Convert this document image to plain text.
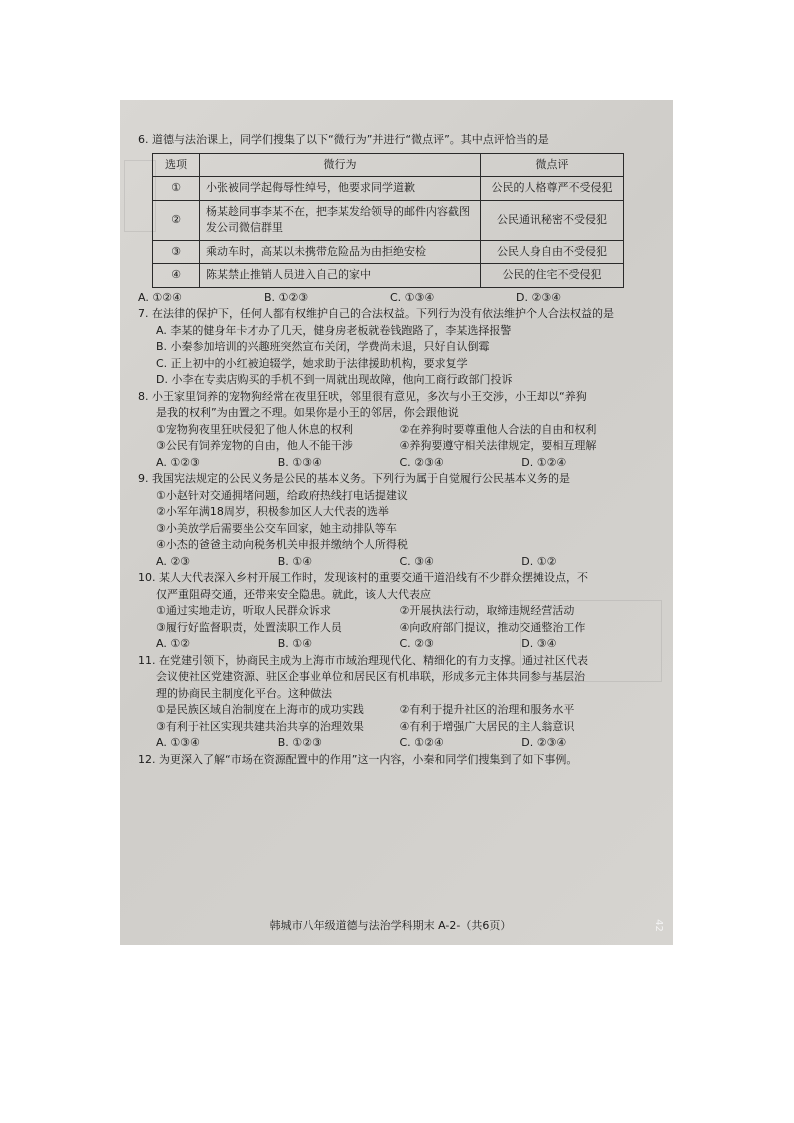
6. 道德与法治课上，同学们搜集了以下“微行为”并进行“微点评”。其中点评恰当的是
选项	微行为	微点评
①	小张被同学起侮辱性绰号，他要求同学道歉	公民的人格尊严不受侵犯
②	杨某趁同事李某不在，把李某发给领导的邮件内容截图发公司微信群里	公民通讯秘密不受侵犯
③	乘动车时，高某以未携带危险品为由拒绝安检	公民人身自由不受侵犯
④	陈某禁止推销人员进入自己的家中	公民的住宅不受侵犯
A. ①②④	B. ①②③	C. ①③④	D. ②③④
7. 在法律的保护下，任何人都有权维护自己的合法权益。下列行为没有依法维护个人合法权益的是
A. 李某的健身年卡才办了几天，健身房老板就卷钱跑路了，李某选择报警
B. 小秦参加培训的兴趣班突然宣布关闭，学费尚未退，只好自认倒霉
C. 正上初中的小红被迫辍学，她求助于法律援助机构，要求复学
D. 小李在专卖店购买的手机不到一周就出现故障，他向工商行政部门投诉
8. 小王家里饲养的宠物狗经常在夜里狂吠，邻里很有意见，多次与小王交涉，小王却以“养狗
是我的权利”为由置之不理。如果你是小王的邻居，你会跟他说
①宠物狗夜里狂吠侵犯了他人休息的权利	②在养狗时要尊重他人合法的自由和权利
③公民有饲养宠物的自由，他人不能干涉	④养狗要遵守相关法律规定，要相互理解
A. ①②③	B. ①③④	C. ②③④	D. ①②④
9. 我国宪法规定的公民义务是公民的基本义务。下列行为属于自觉履行公民基本义务的是
①小赵针对交通拥堵问题，给政府热线打电话提建议
②小军年满18周岁，积极参加区人大代表的选举
③小美放学后需要坐公交车回家，她主动排队等车
④小杰的爸爸主动向税务机关申报并缴纳个人所得税
A. ②③	B. ①④	C. ③④	D. ①②
10. 某人大代表深入乡村开展工作时，发现该村的重要交通干道沿线有不少群众摆摊设点，不
仅严重阻碍交通，还带来安全隐患。就此，该人大代表应
①通过实地走访，听取人民群众诉求	②开展执法行动，取缔违规经营活动
③履行好监督职责，处置渎职工作人员	④向政府部门提议，推动交通整治工作
A. ①②	B. ①④	C. ②③	D. ③④
11. 在党建引领下，协商民主成为上海市市域治理现代化、精细化的有力支撑。通过社区代表
会议使社区党建资源、驻区企事业单位和居民区有机串联，形成多元主体共同参与基层治
理的协商民主制度化平台。这种做法
①是民族区域自治制度在上海市的成功实践	②有利于提升社区的治理和服务水平
③有利于社区实现共建共治共享的治理效果	④有利于增强广大居民的主人翁意识
A. ①③④	B. ①②③	C. ①②④	D. ②③④
12. 为更深入了解“市场在资源配置中的作用”这一内容，小秦和同学们搜集到了如下事例。
韩城市八年级道德与法治学科期末 A-2-（共6页）	42
